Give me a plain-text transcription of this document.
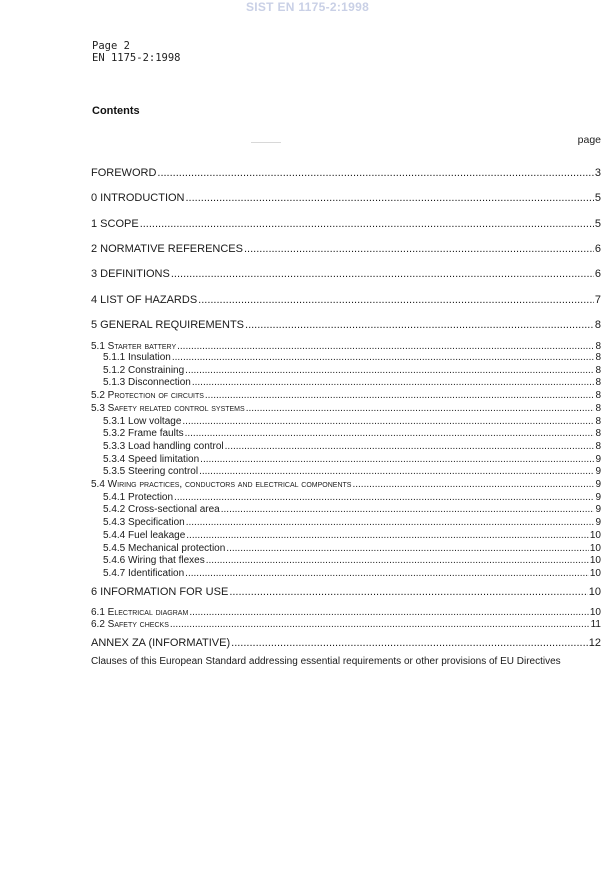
SIST EN 1175-2:1998
Page 2
EN 1175-2:1998
Contents
page
FOREWORD .....	3
0 INTRODUCTION .....	5
1 SCOPE .....	5
2 NORMATIVE REFERENCES .....	6
3 DEFINITIONS .....	6
4 LIST OF HAZARDS .....	7
5 GENERAL REQUIREMENTS .....	8
5.1 Starter battery .....	8
5.1.1 Insulation .....	8
5.1.2 Constraining .....	8
5.1.3 Disconnection .....	8
5.2 Protection of circuits .....	8
5.3 Safety related control systems .....	8
5.3.1 Low voltage .....	8
5.3.2 Frame faults .....	8
5.3.3 Load handling control .....	8
5.3.4 Speed limitation .....	9
5.3.5 Steering control .....	9
5.4 Wiring practices, conductors and electrical components .....	9
5.4.1 Protection .....	9
5.4.2 Cross-sectional area .....	9
5.4.3 Specification .....	9
5.4.4 Fuel leakage .....	10
5.4.5 Mechanical protection .....	10
5.4.6 Wiring that flexes .....	10
5.4.7 Identification .....	10
6 INFORMATION FOR USE .....	10
6.1 Electrical diagram .....	10
6.2 Safety checks .....	11
ANNEX ZA (INFORMATIVE) .....	12
Clauses of this European Standard addressing essential requirements or other provisions of EU Directives
